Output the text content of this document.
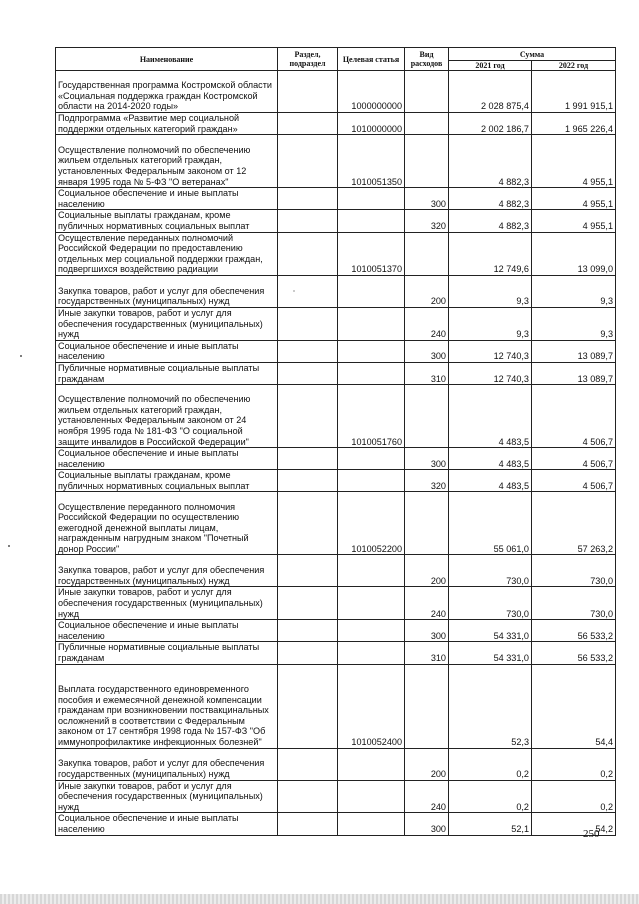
Наименование	Раздел, подраздел	Целевая статья	Вид расходов	Сумма	
				2021 год	2022 год
Государственная программа Костромской области «Социальная поддержка граждан Костромской области на 2014-2020 годы»		1000000000		2 028 875,4	1 991 915,1
Подпрограмма «Развитие мер социальной поддержки отдельных категорий граждан»		1010000000		2 002 186,7	1 965 226,4
Осуществление полномочий по обеспечению жильем отдельных категорий граждан, установленных Федеральным законом от 12 января 1995 года № 5-ФЗ "О ветеранах"		1010051350		4 882,3	4 955,1
Социальное обеспечение и иные выплаты населению			300	4 882,3	4 955,1
Социальные выплаты гражданам, кроме публичных нормативных социальных выплат			320	4 882,3	4 955,1
Осуществление переданных полномочий Российской Федерации по предоставлению отдельных мер социальной поддержки граждан, подвергшихся воздействию радиации		1010051370		12 749,6	13 099,0
Закупка товаров, работ и услуг для обеспечения государственных (муниципальных) нужд			200	9,3	9,3
Иные закупки товаров, работ и услуг для обеспечения государственных (муниципальных) нужд			240	9,3	9,3
Социальное обеспечение и иные выплаты населению			300	12 740,3	13 089,7
Публичные нормативные социальные выплаты гражданам			310	12 740,3	13 089,7
Осуществление полномочий по обеспечению жильем отдельных категорий граждан, установленных Федеральным законом от 24 ноября 1995 года № 181-ФЗ "О социальной защите инвалидов в Российской Федерации"		1010051760		4 483,5	4 506,7
Социальное обеспечение и иные выплаты населению			300	4 483,5	4 506,7
Социальные выплаты гражданам, кроме публичных нормативных социальных выплат			320	4 483,5	4 506,7
Осуществление переданного полномочия Российской Федерации по осуществлению ежегодной денежной выплаты лицам, награжденным нагрудным знаком "Почетный донор России"		1010052200		55 061,0	57 263,2
Закупка товаров, работ и услуг для обеспечения государственных (муниципальных) нужд			200	730,0	730,0
Иные закупки товаров, работ и услуг для обеспечения государственных (муниципальных) нужд			240	730,0	730,0
Социальное обеспечение и иные выплаты населению			300	54 331,0	56 533,2
Публичные нормативные социальные выплаты гражданам			310	54 331,0	56 533,2
Выплата государственного единовременного пособия и ежемесячной денежной компенсации гражданам при возникновении поствакцинальных осложнений в соответствии с Федеральным законом от 17 сентября 1998 года № 157-ФЗ "Об иммунопрофилактике инфекционных болезней"		1010052400		52,3	54,4
Закупка товаров, работ и услуг для обеспечения государственных (муниципальных) нужд			200	0,2	0,2
Иные закупки товаров, работ и услуг для обеспечения государственных (муниципальных) нужд			240	0,2	0,2
Социальное обеспечение и иные выплаты населению			300	52,1	54,2
250
